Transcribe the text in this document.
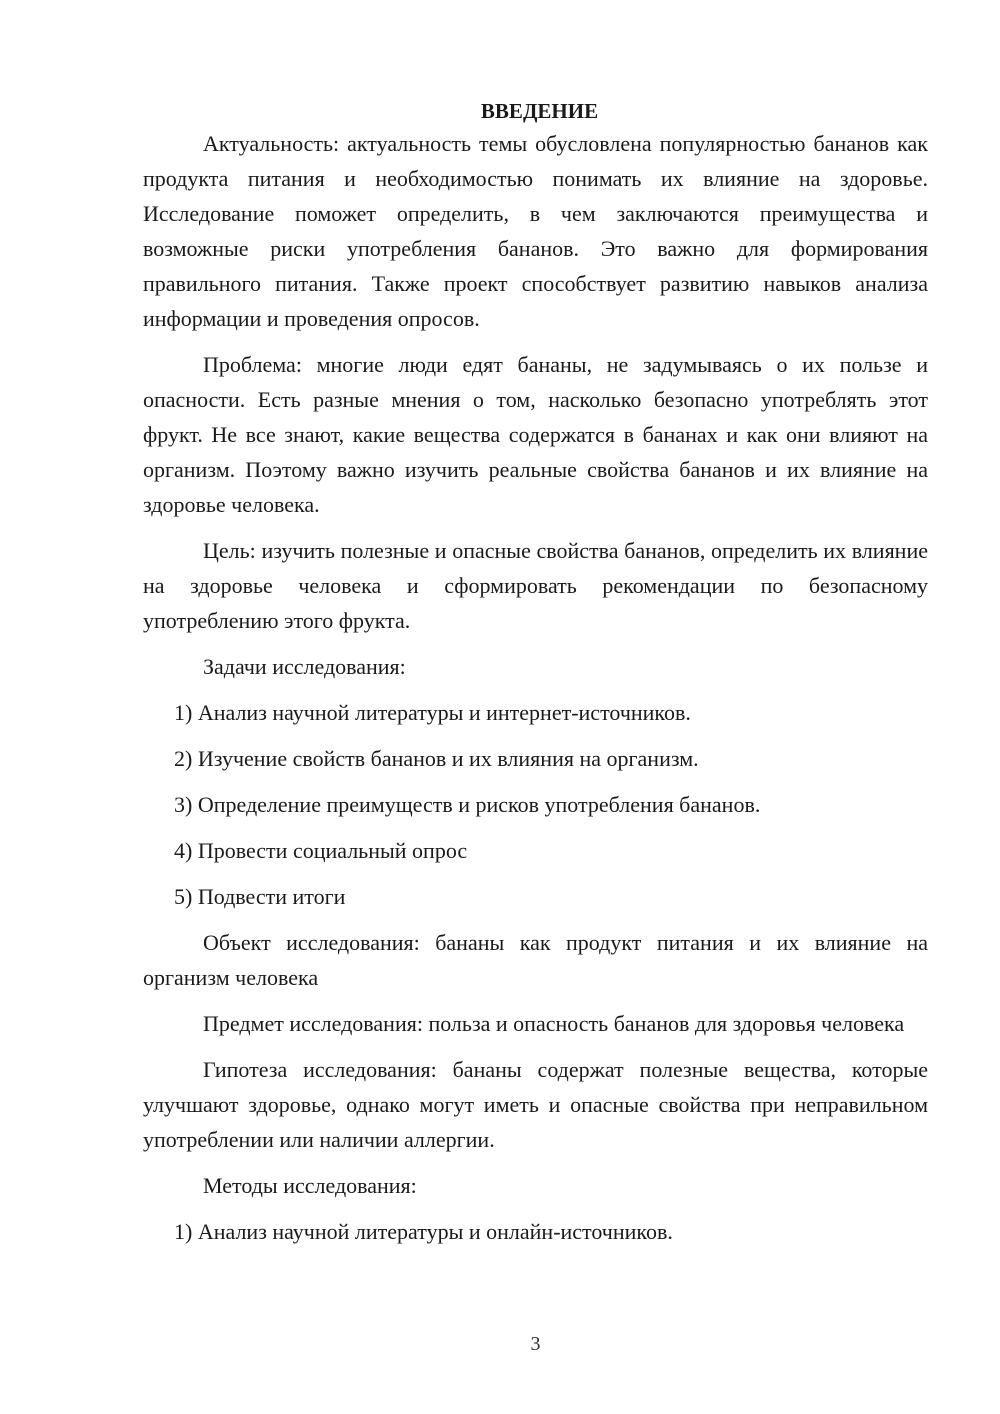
ВВЕДЕНИЕ

Актуальность: актуальность темы обусловлена популярностью бананов как продукта питания и необходимостью понимать их влияние на здоровье. Исследование поможет определить, в чем заключаются преимущества и возможные риски употребления бананов. Это важно для формирования правильного питания. Также проект способствует развитию навыков анализа информации и проведения опросов.

Проблема: многие люди едят бананы, не задумываясь о их пользе и опасности. Есть разные мнения о том, насколько безопасно употреблять этот фрукт. Не все знают, какие вещества содержатся в бананах и как они влияют на организм. Поэтому важно изучить реальные свойства бананов и их влияние на здоровье человека.

Цель: изучить полезные и опасные свойства бананов, определить их влияние на здоровье человека и сформировать рекомендации по безопасному употреблению этого фрукта.

Задачи исследования:
1) Анализ научной литературы и интернет-источников.
2) Изучение свойств бананов и их влияния на организм.
3) Определение преимуществ и рисков употребления бананов.
4) Провести социальный опрос
5) Подвести итоги

Объект исследования: бананы как продукт питания и их влияние на организм человека

Предмет исследования: польза и опасность бананов для здоровья человека

Гипотеза исследования: бананы содержат полезные вещества, которые улучшают здоровье, однако могут иметь и опасные свойства при неправильном употреблении или наличии аллергии.

Методы исследования:
1) Анализ научной литературы и онлайн-источников.
3
